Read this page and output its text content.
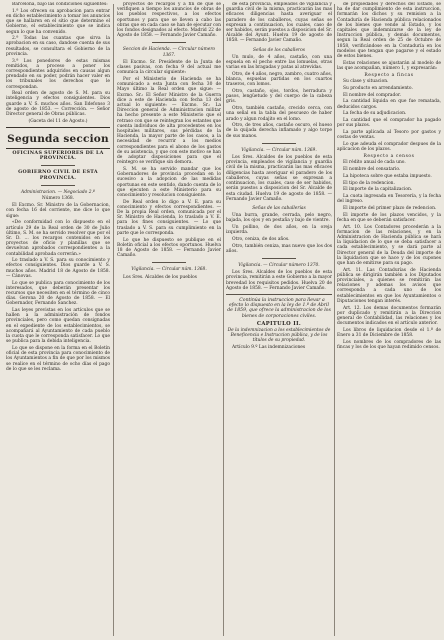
Barcelona, bajo las condiciones siguientes:

1.ª Los ofrecen su aprobacion para entrar en dicho establecimiento a tomar los anuncios que se hallaren en el sitio que determine el Gobierno, el establecimiento que se indica segun lo que ha convenido.

2.ª Todas las cuantas que sirva la aprobacion en su caso, dandose cuenta de sus resultados, se consultara el Gobierno de la provincia.

3.ª Los ponedores de estas mismas remitidos, a proceso a poner los correspondientes adquiridos en causas algun prendado en su poder, podrán hacer valer en los tribunales los derechos que le correspondan.

Real orden de agosto de S. M. para su inteligencia y efectos consiguientes. Dios guarde a V. S. muchos años. San Ildefonso 3 de agosto de 1853. — Corrección. — Señor Director general de Obras públicas.

(Gaceta del 11 de Agosto.)

Segunda seccion
OFICINAS SUPERIORES DE LA PROVINCIA.
GOBIERNO CIVIL DE ESTA PROVINCIA.

Administracion. — Negociado 2.º

Número 1368.

El Excmo. Sr. Ministro de la Gobernacion, con fecha 16 del corriente, me dice lo que sigue:

«De conformidad con lo dispuesto en el artículo 29 de la Real orden de 30 de Julio último, S. M. se ha servido resolver que por el Sr. D. ... los recargos contenidos en los proyectos de oficio y planillas que se devuelvan aprobados correspondientes a la contabilidad aprobada correrán.»

Lo traslado a V. S. para su conocimiento y efectos consiguientes. Dios guarde a V. S. muchos años. Madrid 18 de Agosto de 1858. — Cánovas.

Lo que se publica para conocimiento de los interesados, que deberán presentar los recursos que necesiten en el término de cinco días. Gerona 20 de Agosto de 1858. — El Gobernador, Fernando Sanchez.

Las leyes previstas en los artículos que se hallen a la administración de fondos provinciales, pero como quedan consignadas en el expediente de los establecimientos, se acompañará al Ayuntamiento de cada pueblo la cuota que le corresponda satisfacer. Lo que se publica para la debida inteligencia.

Lo que se dispone en la forma en el Boletín oficial de esta provincia para conocimiento de los Ayuntamientos a fin de que por los mismos se realice en el término de ocho días el pago de lo que se les reclama.

proyectos de recargos y a fin de que se verifiquen a tiempo los anuncios de obras de los pueblos respectivos, a los efectos oportunos y para que se lleven a cabo las obras que en cada caso se han de ejecutar con los fondos designados al efecto. Madrid 22 de Agosto de 1858. — Fernando Javier Camaño.

Seccion de Hacienda. — Circular número 1367.

El Excmo. Sr. Presidente de la Junta de clases pasivas, con fecha 9 del actual me comunica la circular siguiente:

Por el Ministerio de Hacienda se ha comunicado a esta Junta con fecha 30 de Mayo último la Real orden que sigue: — Excmo. Sr.: El Señor Ministro de la Guerra dice a este de Hacienda con fecha 13 del actual lo siguiente: — Excmo. Sr.: La Direccion general de Administracion militar ha hecho presente a este Ministerio que el retraso con que se reintegran los estantes que cuenta individuos de alta procedentes en los hospitales militares, sus pérdidas de la Hacienda, la mayor parte de los casos, a la necesidad de recurrir a los medios correspondientes para el abono de los gastos de su asistencia, y que con este motivo se han de adoptar disposiciones para que el reintegro se verifique sin demora.

S. M. se ha servido mandar que los Gobernadores de provincia procedan en lo sucesivo a la adopcion de las medidas oportunas en este sentido, dando cuenta de lo que ejecuten a este Ministerio para su conocimiento y resolucion consiguiente.

De Real orden lo digo a V. E. para su conocimiento y efectos correspondientes. — De la propia Real orden, comunicada por el Sr. Ministro de Hacienda, lo traslado a V. E. para los fines consiguientes. — Lo que traslado a V. S. para su cumplimiento en la parte que le corresponda.

Lo que he dispuesto se publique en el Boletín oficial a los efectos oportunos. Huelva 18 de Agosto de 1858. — Fernando Javier Camaño.

Vigilancia. — Circular núm. 1368.

Los Sres. Alcaldes de los pueblos

de esta provincia, empleados de vigilancia y guardia civil de la misma, practicarán las mas eficaces diligencias hasta averiguar el paradero de los caballeros, cuyas señas se expresan a continuacion, los cuales, caso de ser habidos, serán puestos a disposicion del Sr. Alcalde del Ayunt. Huelva 19 de agosto de 1858. — Fernando Javier Camaño.

Señas de los caballeros

Un mulo, de 4 años, castaño, con una espuela en el pecho entre las lomuelas, otras varias en las bragadas y patas al atrevidas.

Otro, de 4 años, negro, zambro, cuatro años, blanca, espuelas partidas en los cuartos traseros, con lomos.

Otro, castaño, ojos, tordos, herradura y pasos, lengüetudo y del cuerpo de la cabeza gris.

Otro, también castaño, crecido cerca, con una señal en la tabla del pescuezo de haber arado y algun rodajito en el lomo.

Otro, de tres años, castaño oscuro, el hueso de la quijada derecha inflamado y algo torpe de sus manos.

Vigilancia. — Circular núm. 1369.

Los Sres. Alcaldes de los pueblos de esta provincia, empleados de vigilancia y guardia civil de la misma, practicarán las mas eficaces diligencias hasta averiguar el paradero de los caballeros, cuyas señas se expresan a continuacion, los cuales, caso de ser habidos, serán puestos a disposicion del Sr. Alcalde de esta ciudad. Huelva 19 de agosto de 1858. — Fernando Javier Camaño.

Señas de las caballerías

Una burra, grande, cerrada, pelo negro, bajada, los ojos y en pestaña y bajo de vientre.

Un pollino, de dos años, en la oreja izquierda.

Otro, ceniza, de dos años.

Otro, también ceniza, mas nuevo que los dos años.

Vigilancia. — Circular número 1370.

Los Sres. Alcaldes de los pueblos de esta provincia, remitirán a este Gobierno a la mayor brevedad los requisitos pedidos. Huelva 20 de Agosto de 1858. — Fernando Javier Camaño.

Continúa la instruccion para llevar a efecto lo dispuesto en la ley de 1.º de Abril de 1859, que ofrece la administracion de los bienes de corporaciones civiles.

CAPITULO II.

De la indemnizacion a los establecimientos de Beneficencia e Instruccion pública, y de los títulos de su propiedad.

Artículo 9.º Las indemnizaciones

de propiedades y derechos del Estado, se ha de dar cumplimiento de esta instruccion, formarán los dichos y su remision a la Contaduría de Hacienda pública relacionados de los bienes que vende al Estado, y los capitales que indemnizarse de la ley de Instruccion pública, y demás documentos, segun la Real orden de 25 de Octubre de 1858, verificándose en la Contaduría en los modelos que tengan que pagarse y el estado de estos bienes.

Estas relaciones se ajustarán al modelo de las que acompañan, número 1, y expresarán:

Respecto a fincas

Su clase y situacion.

Su producto en arrendamiento.

El nombre del comprador.

La cantidad líquida en que fue rematada, deducidos cargos.

La fecha de su adjudicacion.

La cantidad que el comprador ha pagado por sus plazos.

La parte aplicada al Tesoro por gastos y costas de ventas.

Lo que adeuda el comprador despues de la aplicacion de los plazos.

Respecto a censos

El rédito anual de cada uno.

El nombre del censatario.

La hipoteca sobre que estaba impuesto.

El tipo de la redencion.

El importe de la capitalizacion.

La cuota ingresada en Tesorería, y la fecha del ingreso.

El importe del primer plazo de redencion.

El importe de los plazos vencidos, y la fecha en que se deberán satisfacer.

Art. 10. Los Contadores procederán a la formacion de las relaciones, y en la Administracion de Hacienda pública se hará la liquidacion de lo que se deba satisfacer a cada establecimiento, y se dará parte al Director general de la Deuda del importe de la liquidacion que se hace y de los cupones que han de emitirse para su pago.

Art. 11. Las Contadurías de Hacienda pública se dirigirán también a los Diputados provinciales, a quienes se remitirán las relaciones y ademas los avisos que corresponda a cada uno de los establecimientos en que los Ayuntamientos o Diputaciones tengan interés.

Art. 12. Los demas documentos formarán por duplicado y remitirán a la Direccion general de Contabilidad, las relaciones y los documentos indicados en el artículo anterior.

Los libros de liquidacion desde el 1.º de Enero a 31 de Diciembre de 1858.

Los nombres de los compradores de las fincas y los de los que hayan redimido censos.
